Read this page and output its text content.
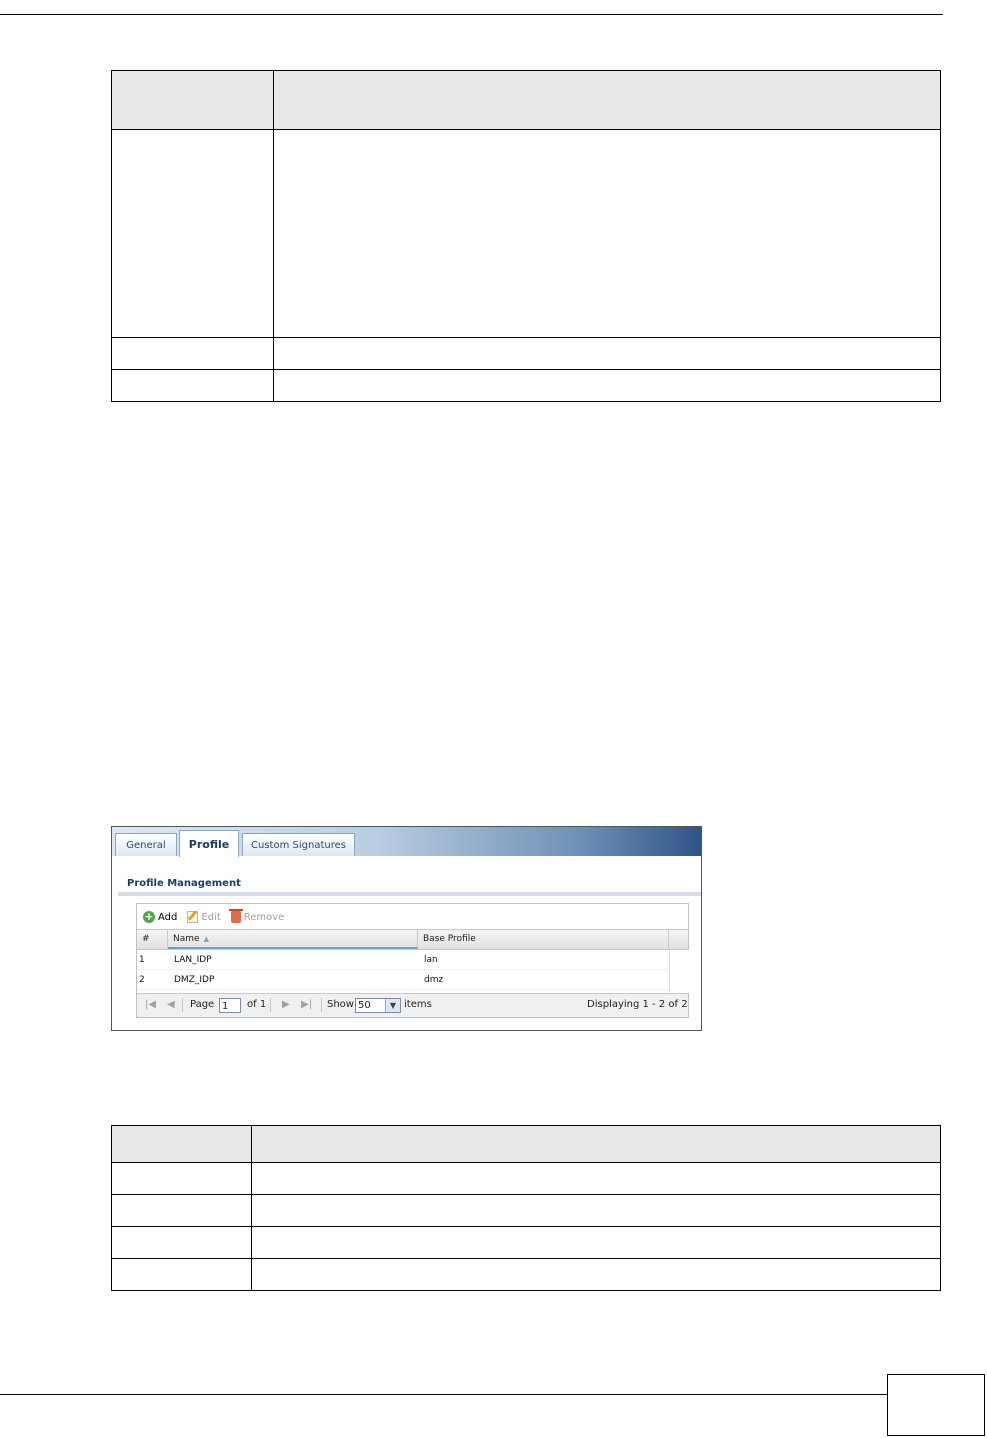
General	Profile	Custom Signatures
Profile Management
+ Add Edit Remove
#	Name ▲	Base Profile
1	LAN_IDP	lan
2	DMZ_IDP	dmz
|◀ ◀ Page 1	of 1 ▶ ▶| Show 50	▼ items	Displaying 1 - 2 of 2
